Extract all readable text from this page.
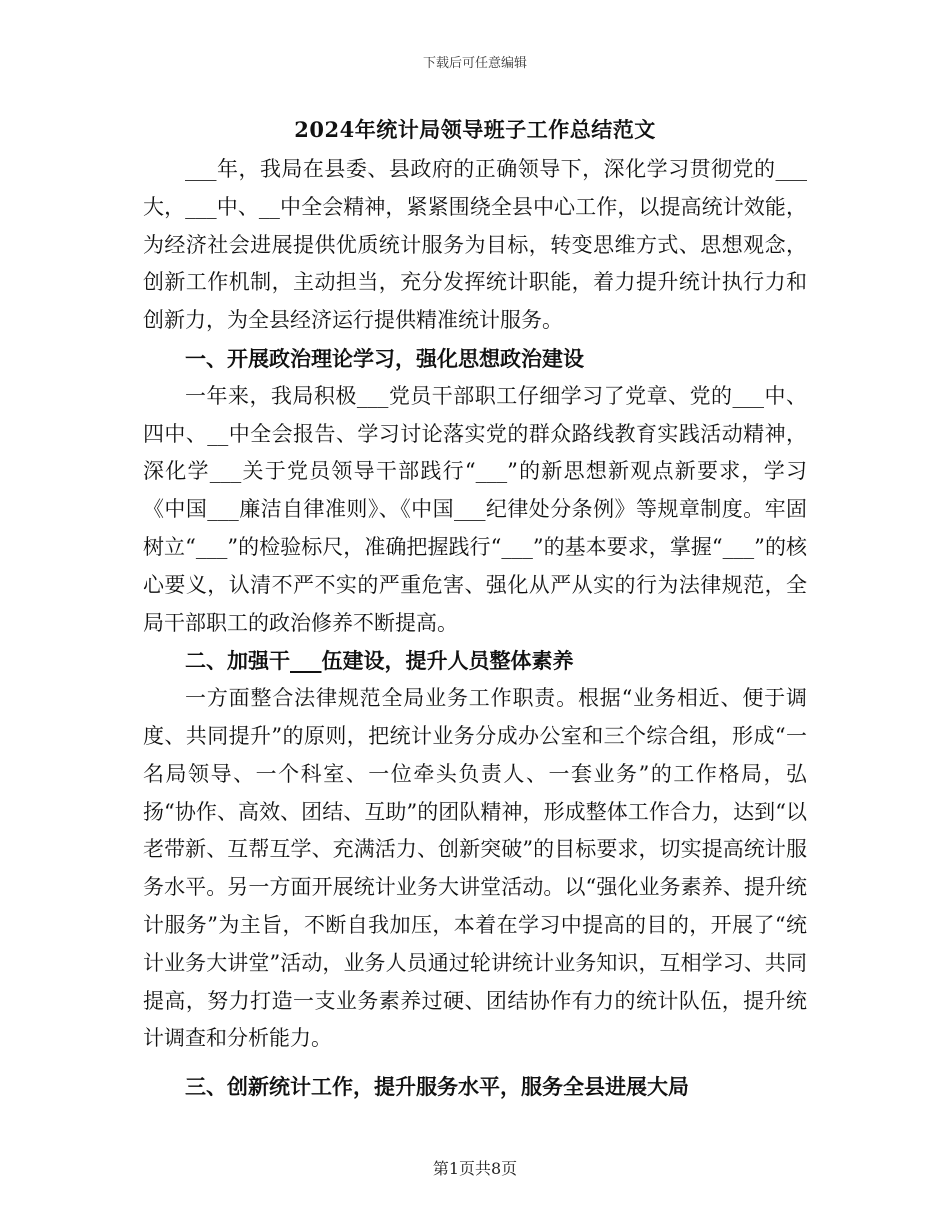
下载后可任意编辑
2024年统计局领导班子工作总结范文

___年，我局在县委、县政府的正确领导下，深化学习贯彻党的___大，___中、__中全会精神，紧紧围绕全县中心工作，以提高统计效能，为经济社会进展提供优质统计服务为目标，转变思维方式、思想观念，创新工作机制，主动担当，充分发挥统计职能，着力提升统计执行力和创新力，为全县经济运行提供精准统计服务。

一、开展政治理论学习，强化思想政治建设

一年来，我局积极___党员干部职工仔细学习了党章、党的___中、四中、__中全会报告、学习讨论落实党的群众路线教育实践活动精神，深化学___关于党员领导干部践行“___”的新思想新观点新要求，学习《中国___廉洁自律准则》、《中国___纪律处分条例》等规章制度。牢固树立“___”的检验标尺，准确把握践行“___”的基本要求，掌握“___”的核心要义，认清不严不实的严重危害、强化从严从实的行为法律规范，全局干部职工的政治修养不断提高。

二、加强干___伍建设，提升人员整体素养

一方面整合法律规范全局业务工作职责。根据“业务相近、便于调度、共同提升”的原则，把统计业务分成办公室和三个综合组，形成“一名局领导、一个科室、一位牵头负责人、一套业务”的工作格局，弘扬“协作、高效、团结、互助”的团队精神，形成整体工作合力，达到“以老带新、互帮互学、充满活力、创新突破”的目标要求，切实提高统计服务水平。另一方面开展统计业务大讲堂活动。以“强化业务素养、提升统计服务”为主旨，不断自我加压，本着在学习中提高的目的，开展了“统计业务大讲堂”活动，业务人员通过轮讲统计业务知识，互相学习、共同提高，努力打造一支业务素养过硬、团结协作有力的统计队伍，提升统计调查和分析能力。

三、创新统计工作，提升服务水平，服务全县进展大局
第1页共8页
